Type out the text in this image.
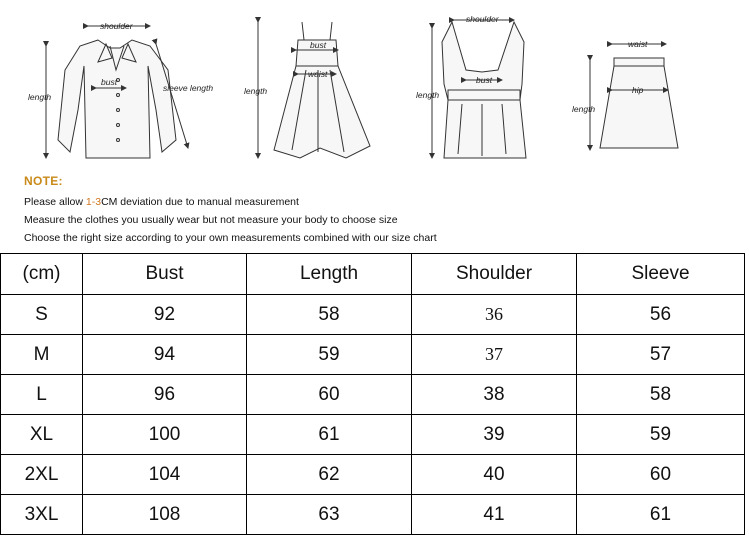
shoulder
length
bust
sleeve length
bust
waist
length
shoulder
bust
length
waist
hip
length
NOTE:
Please allow 1-3CM deviation due to manual measurement
Measure the clothes you usually wear but not measure your body to choose size
Choose the right size according to your own measurements combined with our size chart
(cm)	Bust	Length	Shoulder	Sleeve
S	92	58	36	56
M	94	59	37	57
L	96	60	38	58
XL	100	61	39	59
2XL	104	62	40	60
3XL	108	63	41	61
